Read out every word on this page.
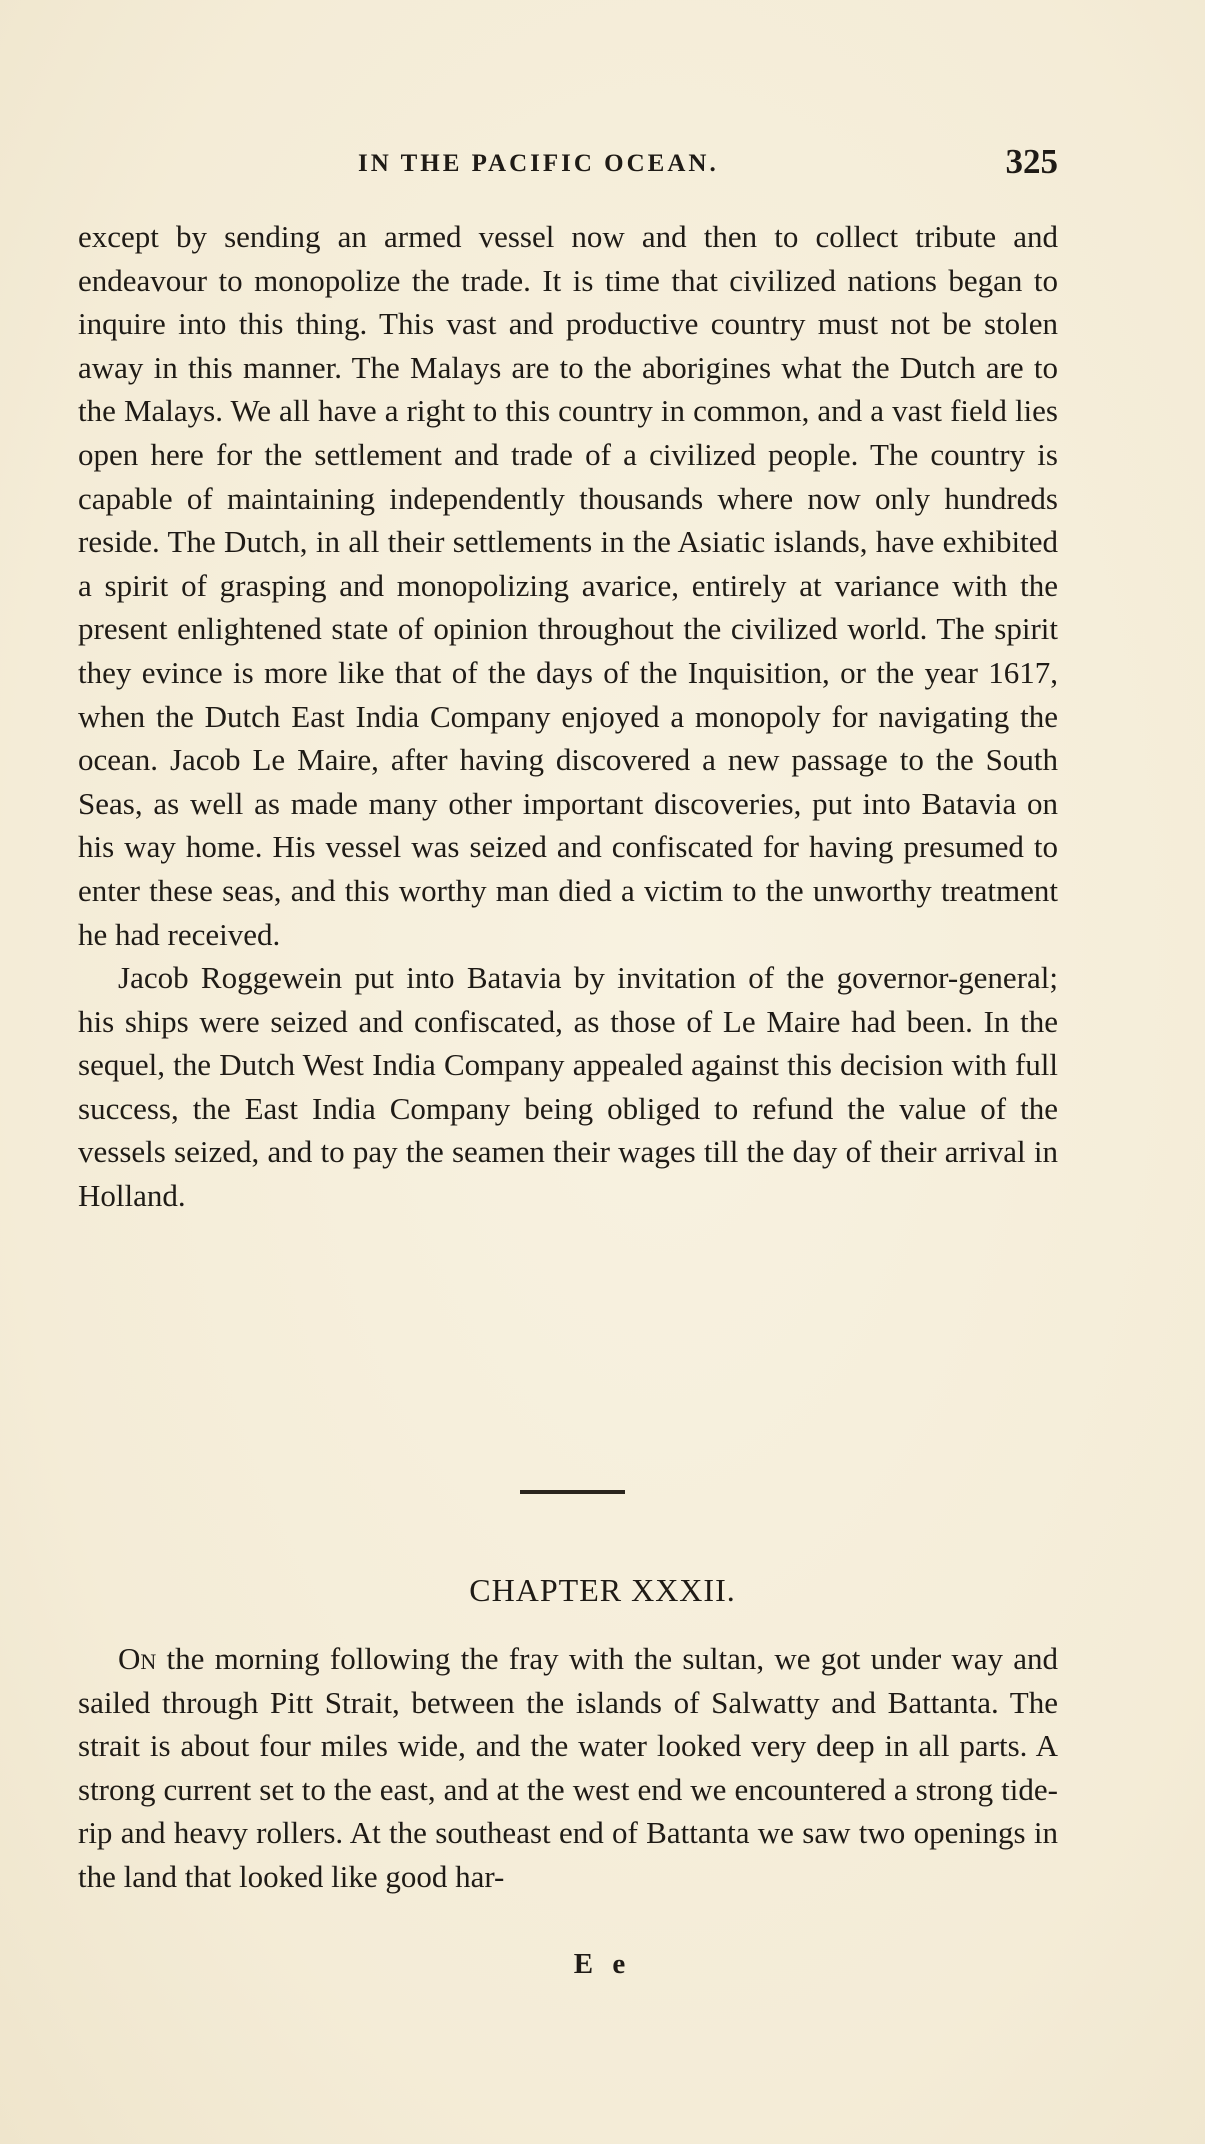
IN THE PACIFIC OCEAN.	325

except by sending an armed vessel now and then to collect tribute and endeavour to monopolize the trade. It is time that civilized nations began to inquire into this thing. This vast and productive country must not be stolen away in this manner. The Malays are to the aborigines what the Dutch are to the Malays. We all have a right to this country in common, and a vast field lies open here for the settlement and trade of a civilized people. The country is capable of maintaining independently thousands where now only hundreds reside. The Dutch, in all their settlements in the Asiatic islands, have exhibited a spirit of grasping and monopolizing avarice, entirely at variance with the present enlightened state of opinion throughout the civilized world. The spirit they evince is more like that of the days of the Inquisition, or the year 1617, when the Dutch East India Company enjoyed a monopoly for navigating the ocean. Jacob Le Maire, after having discovered a new passage to the South Seas, as well as made many other important discoveries, put into Batavia on his way home. His vessel was seized and confiscated for having presumed to enter these seas, and this worthy man died a victim to the unworthy treatment he had received.

Jacob Roggewein put into Batavia by invitation of the governor-general; his ships were seized and confiscated, as those of Le Maire had been. In the sequel, the Dutch West India Company appealed against this decision with full success, the East India Company being obliged to refund the value of the vessels seized, and to pay the seamen their wages till the day of their arrival in Holland.

CHAPTER XXXII.

On the morning following the fray with the sultan, we got under way and sailed through Pitt Strait, between the islands of Salwatty and Battanta. The strait is about four miles wide, and the water looked very deep in all parts. A strong current set to the east, and at the west end we encountered a strong tide-rip and heavy rollers. At the southeast end of Battanta we saw two openings in the land that looked like good har-

E e
